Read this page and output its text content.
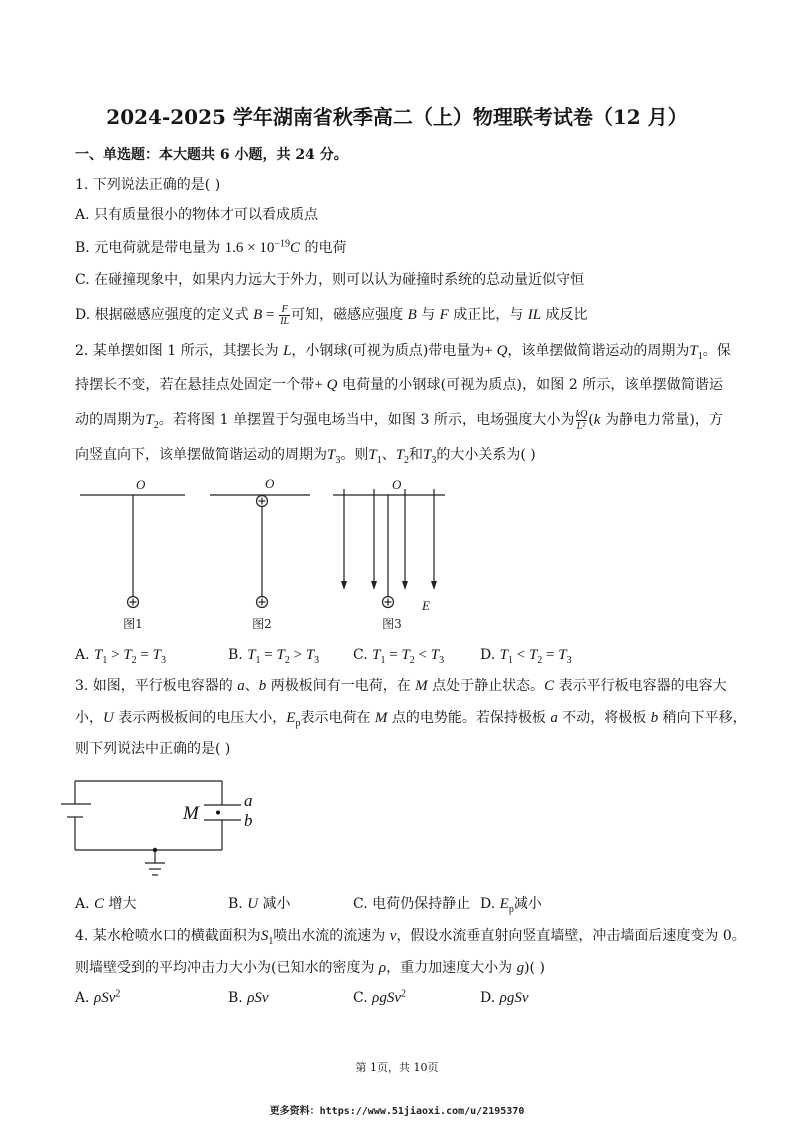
2024-2025 学年湖南省秋季高二（上）物理联考试卷（12 月）
一、单选题：本大题共 6 小题，共 24 分。
1. 下列说法正确的是( )
A. 只有质量很小的物体才可以看成质点
B. 元电荷就是带电量为 $1.6 \times 10^{-19}C$ 的电荷
C. 在碰撞现象中，如果内力远大于外力，则可以认为碰撞时系统的总动量近似守恒
D. 根据磁感应强度的定义式 $B = \frac{F}{IL}$ 可知，磁感应强度 B 与 F 成正比，与 IL 成反比
2. 某单摆如图 1 所示，其摆长为 L，小钢球(可视为质点)带电量为+ Q，该单摆做简谐运动的周期为$T_1$。保
持摆长不变，若在悬挂点处固定一个带+ Q 电荷量的小钢球(可视为质点)，如图 2 所示，该单摆做简谐运
动的周期为$T_2$。若将图 1 单摆置于匀强电场当中，如图 3 所示，电场强度大小为 $\frac{kQ}{\text{L²}} (k$ 为静电力常量)，方
向竖直向下，该单摆做简谐运动的周期为$T_3$。则$T_1$、$T_2$和$T_3$的大小关系为( )
O
图1
O
图2
O
E
图3
A. $T_1 > T_2 = T_3$	B. $T_1 = T_2 > T_3$ C. $T_1 = T_2 < T_3$	D. $T_1 < T_2 = T_3$
3. 如图，平行板电容器的 a、b 两极板间有一电荷，在 M 点处于静止状态。C 表示平行板电容器的电容大
小，U 表示两极板间的电压大小，$E_p$表示电荷在 M 点的电势能。若保持极板 a 不动，将极板 b 稍向下平移，
则下列说法中正确的是( )
M
a
b
A. C 增大	B. U 减小	C. 电荷仍保持静止 D. $E_p$减小
4. 某水枪喷水口的横截面积为$S_1$喷出水流的流速为 v，假设水流垂直射向竖直墙壁，冲击墙面后速度变为 0。
则墙壁受到的平均冲击力大小为(已知水的密度为 ρ，重力加速度大小为 g)( )
A. ρSv$^2$	B. ρSv	C. ρgSv$^2$	D. ρgSv
第 1页，共 10页
更多资料：https://www.51jiaoxi.com/u/2195370
